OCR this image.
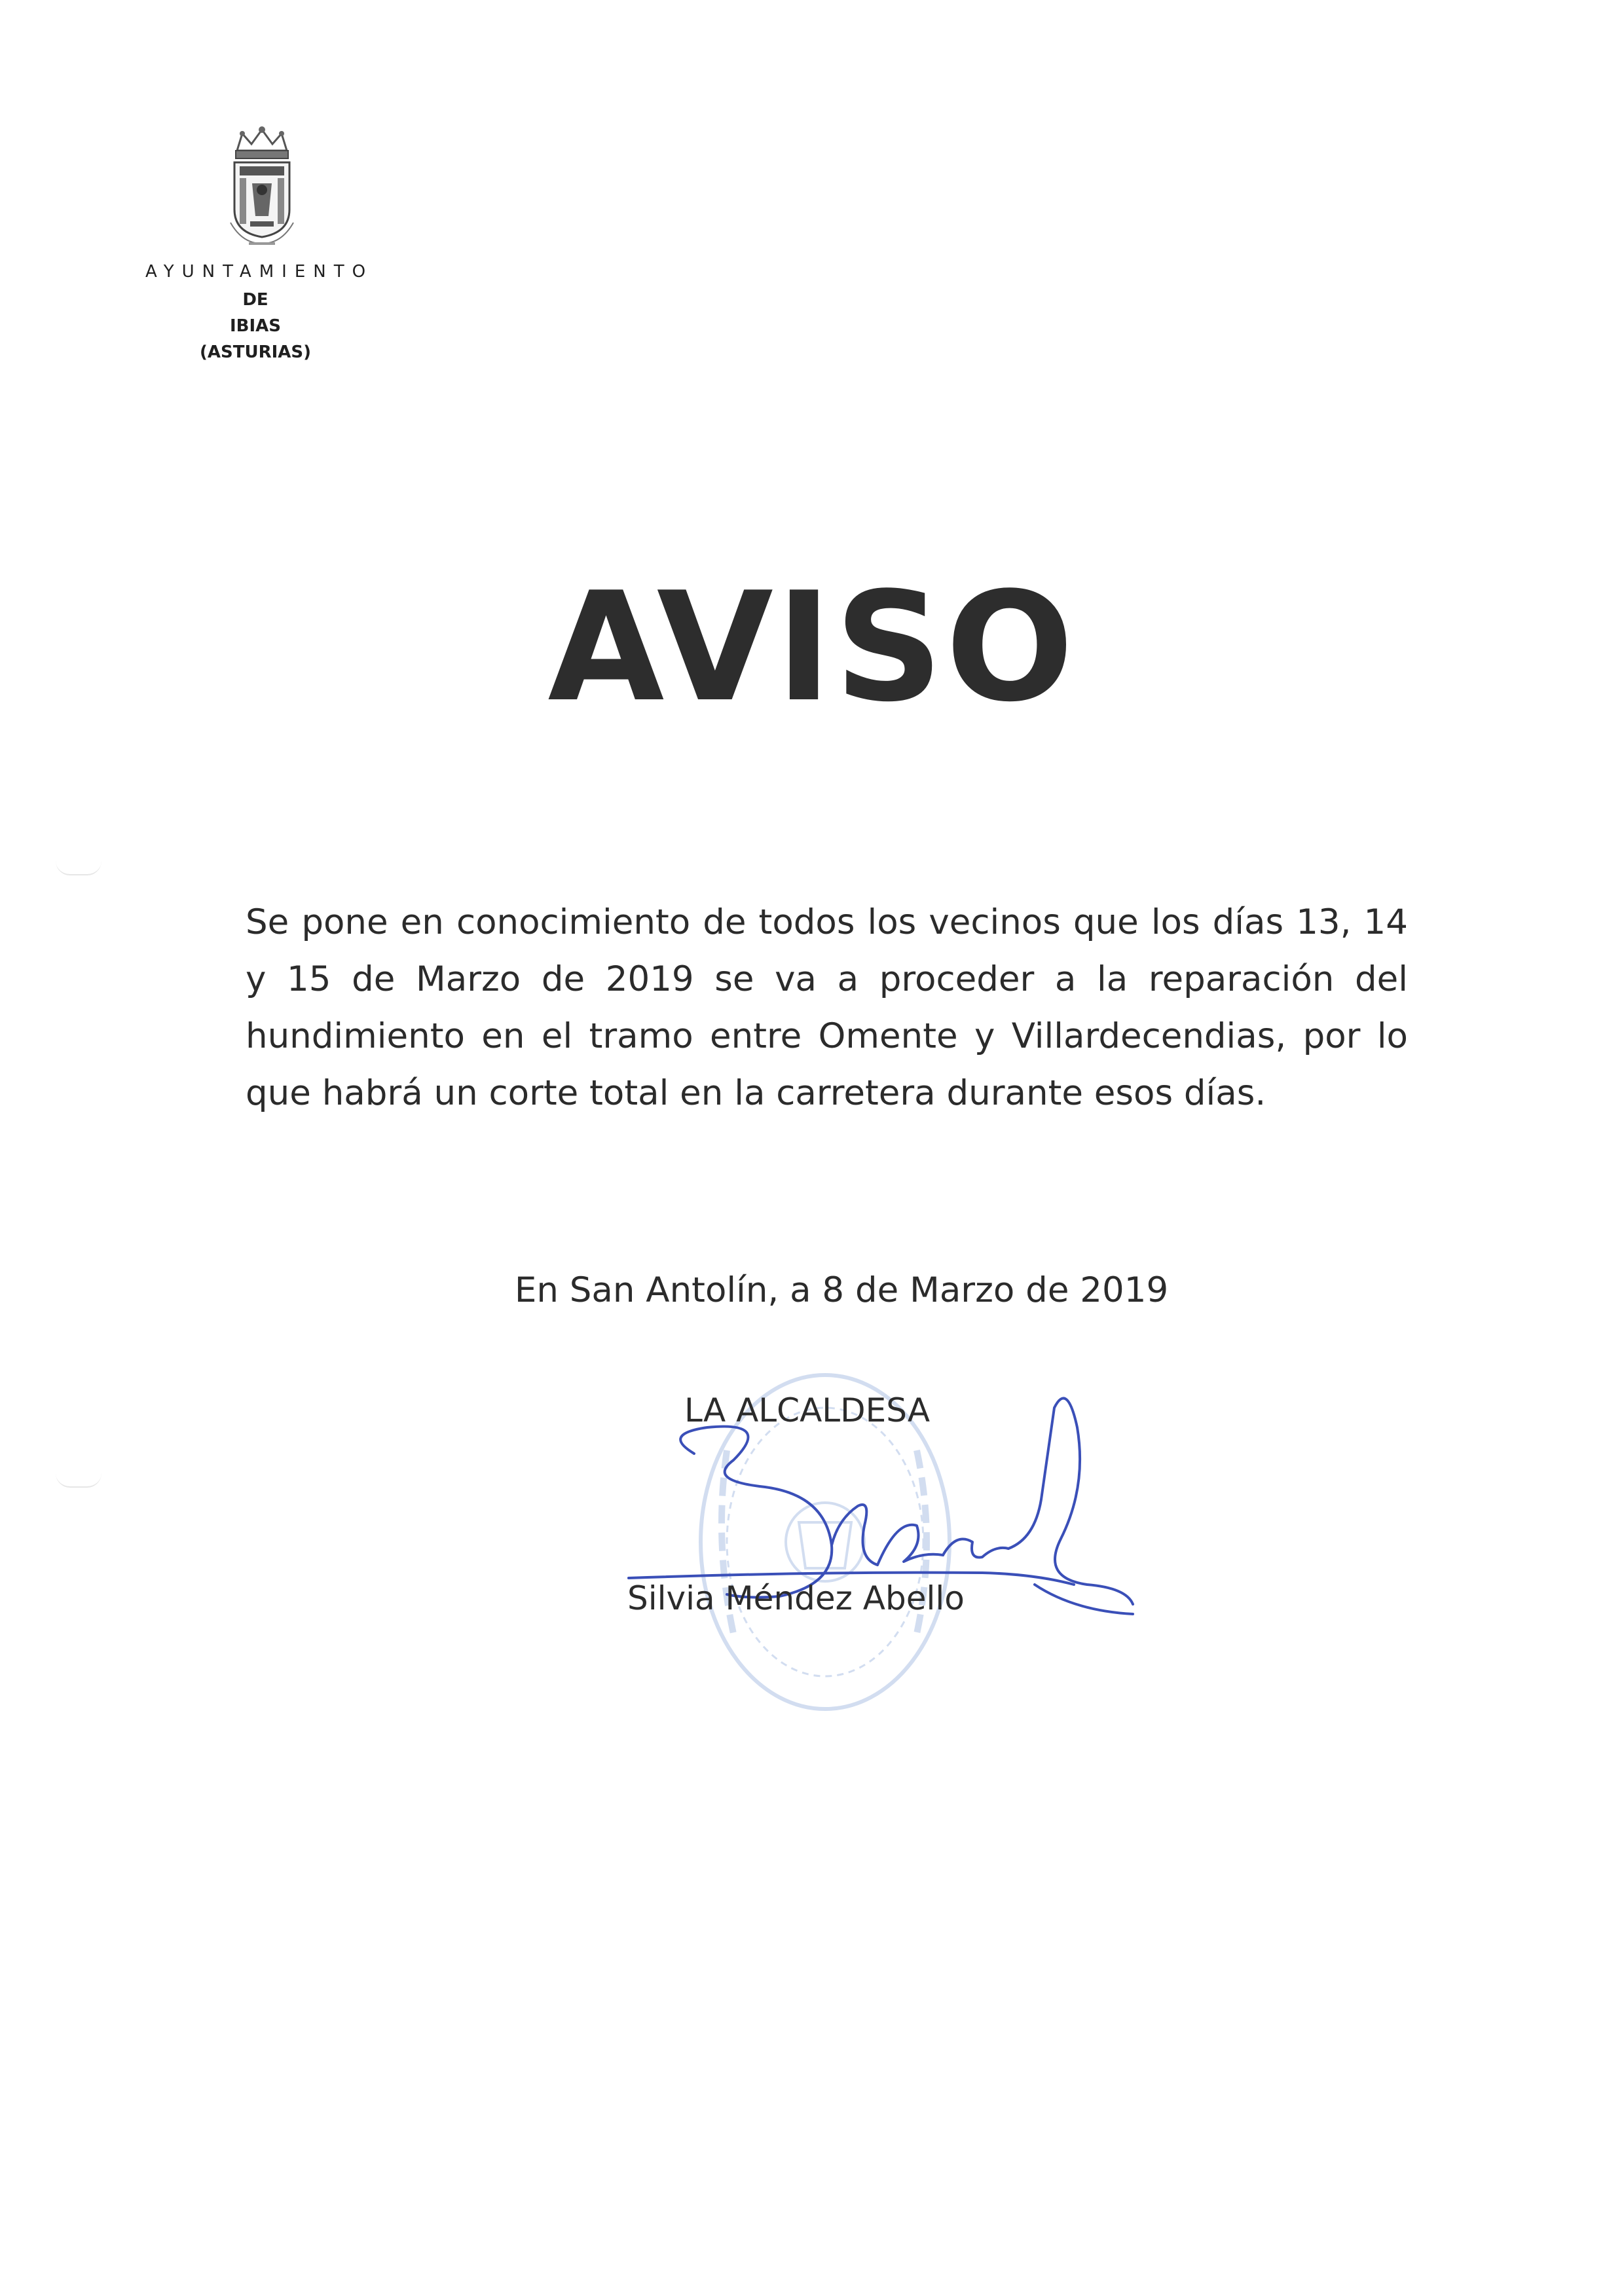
AYUNTAMIENTO
DE
IBIAS
(ASTURIAS)
AVISO
Se pone en conocimiento de todos los vecinos que los días 13, 14 y 15 de Marzo de 2019 se va a proceder a la reparación del hundimiento en el tramo entre Omente y Villardecendias, por lo que habrá un corte total en la carretera durante esos días.
En San Antolín, a 8 de Marzo de 2019
LA ALCALDESA
Silvia Méndez Abello
